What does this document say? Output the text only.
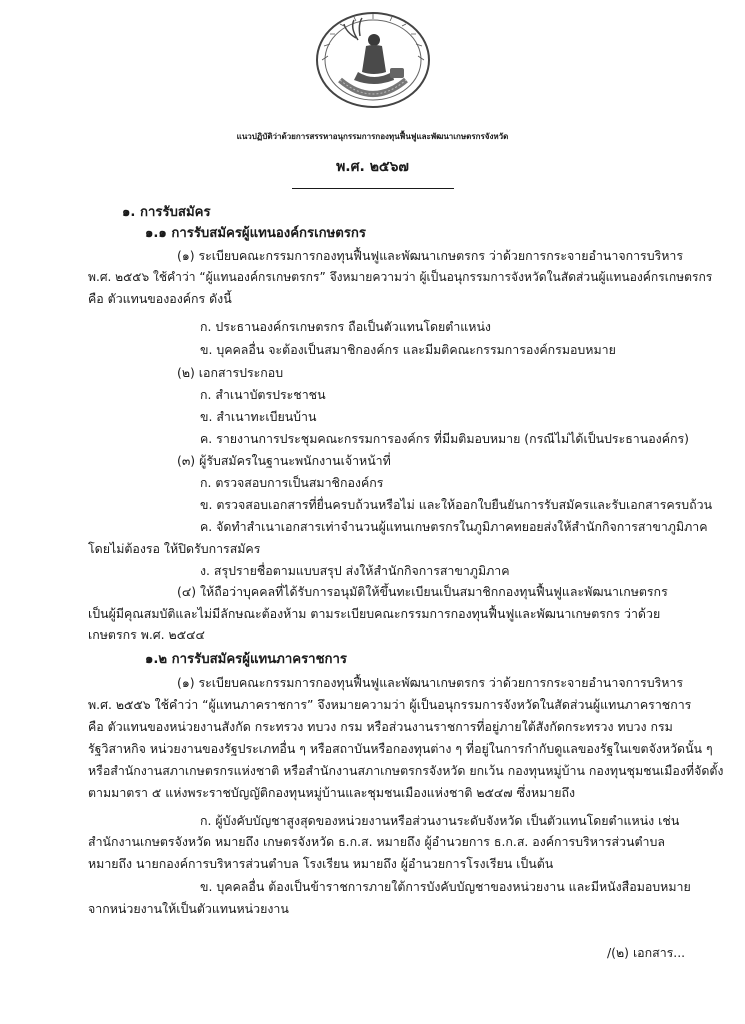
แนวปฏิบัติว่าด้วยการสรรหาอนุกรรมการกองทุนฟื้นฟูและพัฒนาเกษตรกรจังหวัด
พ.ศ. ๒๕๖๗
๑. การรับสมัคร
๑.๑ การรับสมัครผู้แทนองค์กรเกษตรกร
(๑) ระเบียบคณะกรรมการกองทุนฟื้นฟูและพัฒนาเกษตรกร ว่าด้วยการกระจายอำนาจการบริหาร
พ.ศ. ๒๕๕๖ ใช้คำว่า “ผู้แทนองค์กรเกษตรกร” จึงหมายความว่า ผู้เป็นอนุกรรมการจังหวัดในสัดส่วนผู้แทนองค์กรเกษตรกร
คือ ตัวแทนขององค์กร ดังนี้
ก. ประธานองค์กรเกษตรกร ถือเป็นตัวแทนโดยตำแหน่ง
ข. บุคคลอื่น จะต้องเป็นสมาชิกองค์กร และมีมติคณะกรรมการองค์กรมอบหมาย
(๒) เอกสารประกอบ
ก. สำเนาบัตรประชาชน
ข. สำเนาทะเบียนบ้าน
ค. รายงานการประชุมคณะกรรมการองค์กร ที่มีมติมอบหมาย (กรณีไม่ได้เป็นประธานองค์กร)
(๓) ผู้รับสมัครในฐานะพนักงานเจ้าหน้าที่
ก. ตรวจสอบการเป็นสมาชิกองค์กร
ข. ตรวจสอบเอกสารที่ยื่นครบถ้วนหรือไม่ และให้ออกใบยืนยันการรับสมัครและรับเอกสารครบถ้วน
ค. จัดทำสำเนาเอกสารเท่าจำนวนผู้แทนเกษตรกรในภูมิภาคทยอยส่งให้สำนักกิจการสาขาภูมิภาค
โดยไม่ต้องรอ ให้ปิดรับการสมัคร
ง. สรุปรายชื่อตามแบบสรุป ส่งให้สำนักกิจการสาขาภูมิภาค
(๔) ให้ถือว่าบุคคลที่ได้รับการอนุมัติให้ขึ้นทะเบียนเป็นสมาชิกกองทุนฟื้นฟูและพัฒนาเกษตรกร
เป็นผู้มีคุณสมบัติและไม่มีลักษณะต้องห้าม ตามระเบียบคณะกรรมการกองทุนฟื้นฟูและพัฒนาเกษตรกร ว่าด้วย
เกษตรกร พ.ศ. ๒๕๔๔
๑.๒ การรับสมัครผู้แทนภาคราชการ
(๑) ระเบียบคณะกรรมการกองทุนฟื้นฟูและพัฒนาเกษตรกร ว่าด้วยการกระจายอำนาจการบริหาร
พ.ศ. ๒๕๕๖ ใช้คำว่า “ผู้แทนภาคราชการ” จึงหมายความว่า ผู้เป็นอนุกรรมการจังหวัดในสัดส่วนผู้แทนภาคราชการ
คือ ตัวแทนของหน่วยงานสังกัด กระทรวง ทบวง กรม หรือส่วนงานราชการที่อยู่ภายใต้สังกัดกระทรวง ทบวง กรม
รัฐวิสาหกิจ หน่วยงานของรัฐประเภทอื่น ๆ หรือสถาบันหรือกองทุนต่าง ๆ ที่อยู่ในการกำกับดูแลของรัฐในเขตจังหวัดนั้น ๆ
หรือสำนักงานสภาเกษตรกรแห่งชาติ หรือสำนักงานสภาเกษตรกรจังหวัด ยกเว้น กองทุนหมู่บ้าน กองทุนชุมชนเมืองที่จัดตั้ง
ตามมาตรา ๕ แห่งพระราชบัญญัติกองทุนหมู่บ้านและชุมชนเมืองแห่งชาติ ๒๕๔๗ ซึ่งหมายถึง
ก. ผู้บังคับบัญชาสูงสุดของหน่วยงานหรือส่วนงานระดับจังหวัด เป็นตัวแทนโดยตำแหน่ง เช่น
สำนักงานเกษตรจังหวัด หมายถึง เกษตรจังหวัด ธ.ก.ส. หมายถึง ผู้อำนวยการ ธ.ก.ส. องค์การบริหารส่วนตำบล
หมายถึง นายกองค์การบริหารส่วนตำบล โรงเรียน หมายถึง ผู้อำนวยการโรงเรียน เป็นต้น
ข. บุคคลอื่น ต้องเป็นข้าราชการภายใต้การบังคับบัญชาของหน่วยงาน และมีหนังสือมอบหมาย
จากหน่วยงานให้เป็นตัวแทนหน่วยงาน
/(๒) เอกสาร...
